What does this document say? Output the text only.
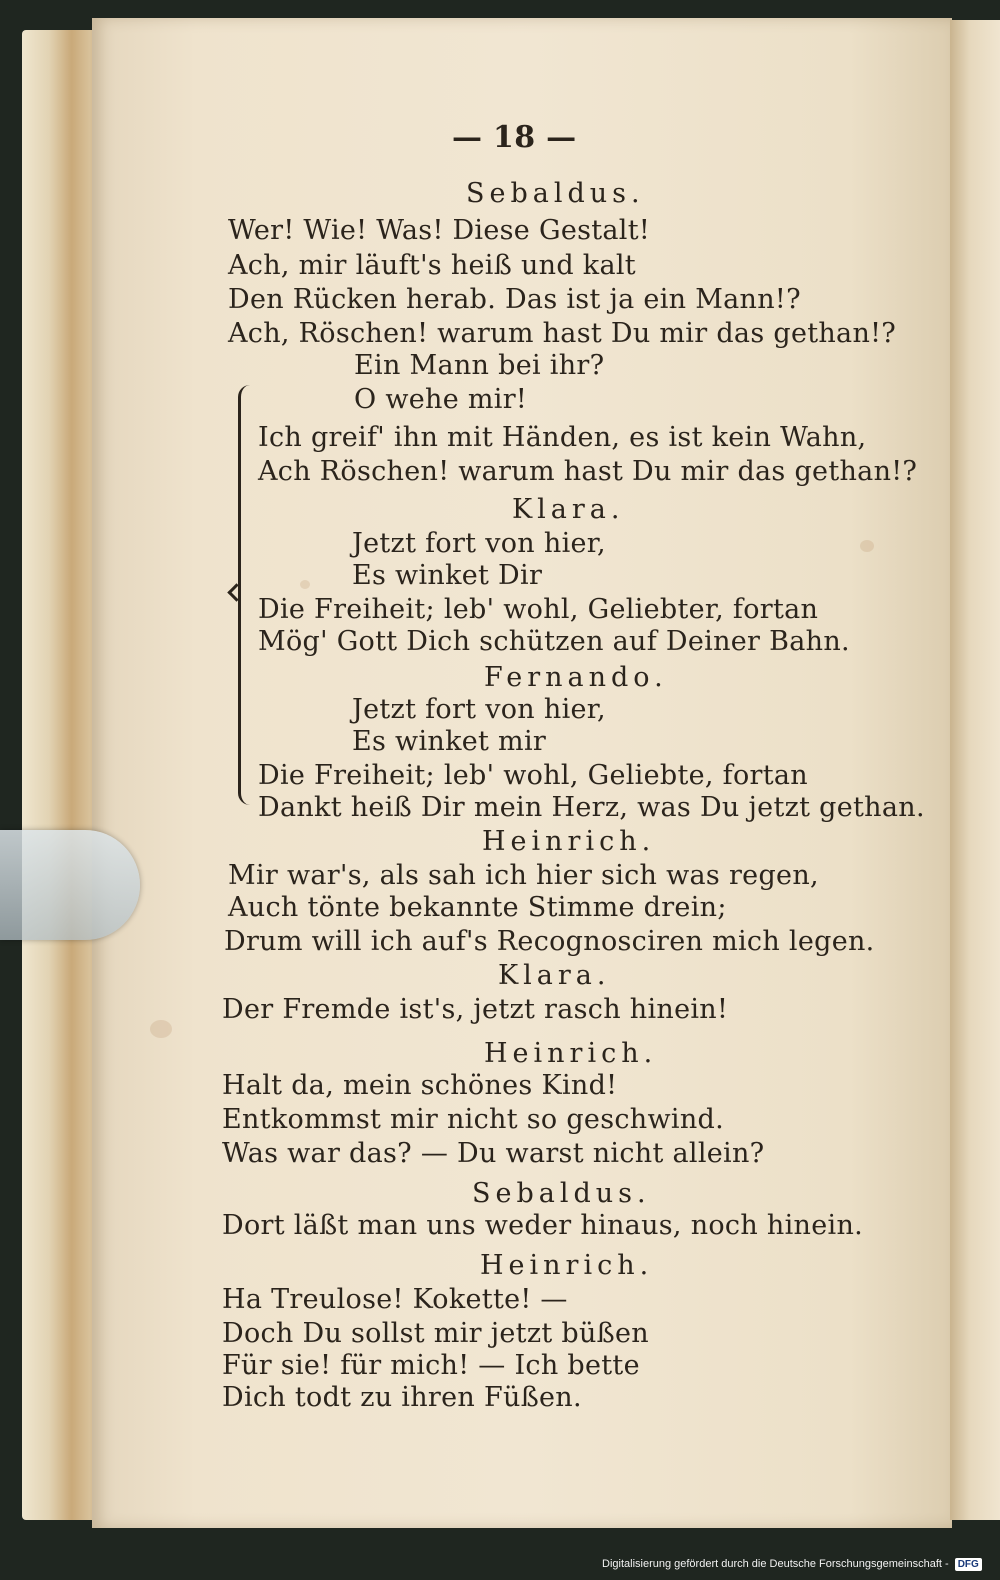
— 18 —
Sebaldus.
Wer! Wie! Was! Diese Gestalt!
Ach, mir läuft's heiß und kalt
Den Rücken herab. Das ist ja ein Mann!?
Ach, Röschen! warum hast Du mir das gethan!?
Ein Mann bei ihr?
O wehe mir!
Ich greif' ihn mit Händen, es ist kein Wahn,
Ach Röschen! warum hast Du mir das gethan!?
Klara.
Jetzt fort von hier,
Es winket Dir
Die Freiheit; leb' wohl, Geliebter, fortan
Mög' Gott Dich schützen auf Deiner Bahn.
Fernando.
Jetzt fort von hier,
Es winket mir
Die Freiheit; leb' wohl, Geliebte, fortan
Dankt heiß Dir mein Herz, was Du jetzt gethan.
Heinrich.
Mir war's, als sah ich hier sich was regen,
Auch tönte bekannte Stimme drein;
Drum will ich auf's Recognosciren mich legen.
Klara.
Der Fremde ist's, jetzt rasch hinein!
Heinrich.
Halt da, mein schönes Kind!
Entkommst mir nicht so geschwind.
Was war das? — Du warst nicht allein?
Sebaldus.
Dort läßt man uns weder hinaus, noch hinein.
Heinrich.
Ha Treulose! Kokette! —
Doch Du sollst mir jetzt büßen
Für sie! für mich! — Ich bette
Dich todt zu ihren Füßen.
Digitalisierung gefördert durch die Deutsche Forschungsgemeinschaft - DFG
